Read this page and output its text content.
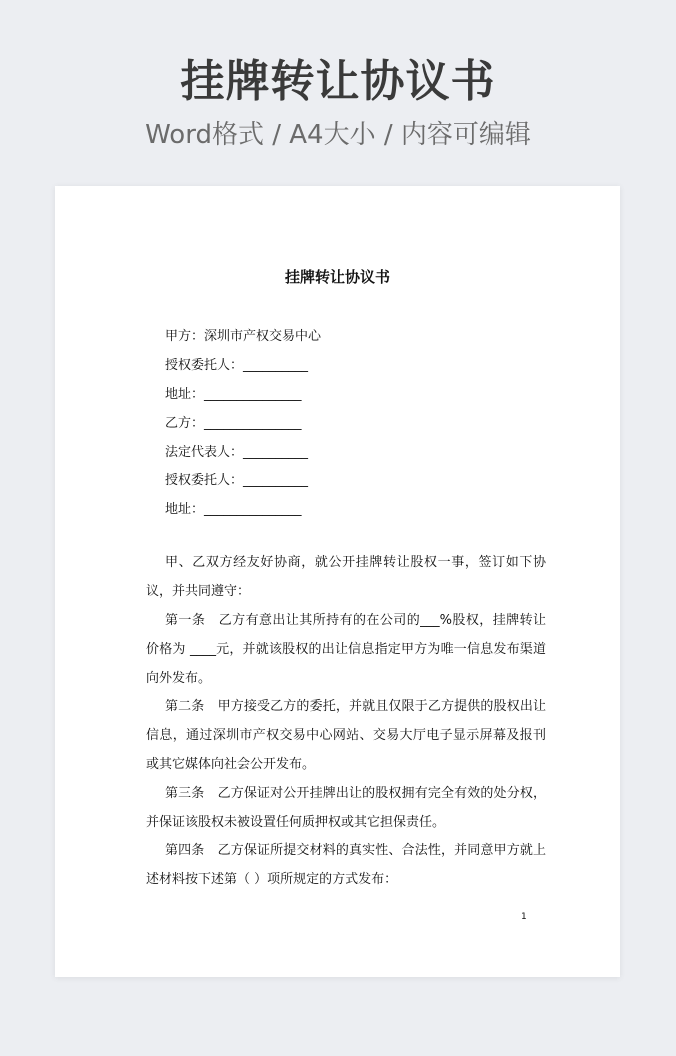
挂牌转让协议书
Word格式 / A4大小 / 内容可编辑
挂牌转让协议书
甲方：深圳市产权交易中心
授权委托人：__________
地址：_______________
乙方：_______________
法定代表人：__________
授权委托人：__________
地址：_______________
甲、乙双方经友好协商，就公开挂牌转让股权一事，签订如下协议，并共同遵守：
第一条　乙方有意出让其所持有的在公司的___%股权，挂牌转让价格为 ____元，并就该股权的出让信息指定甲方为唯一信息发布渠道向外发布。
第二条　甲方接受乙方的委托，并就且仅限于乙方提供的股权出让信息，通过深圳市产权交易中心网站、交易大厅电子显示屏幕及报刊或其它媒体向社会公开发布。
第三条　乙方保证对公开挂牌出让的股权拥有完全有效的处分权，并保证该股权未被设置任何质押权或其它担保责任。
第四条　乙方保证所提交材料的真实性、合法性，并同意甲方就上述材料按下述第（ ）项所规定的方式发布：
1
